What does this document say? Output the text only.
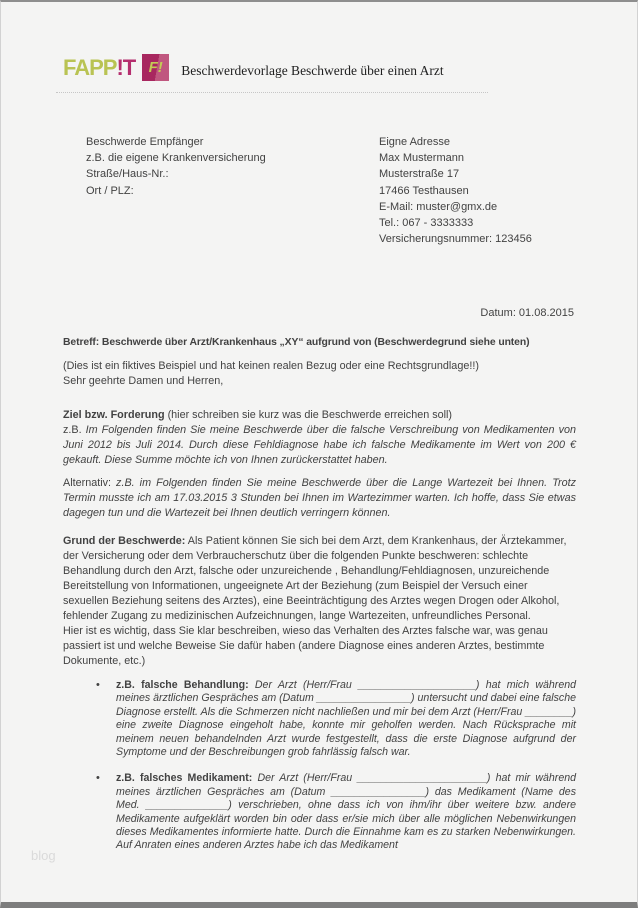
FAPP!T F!	Beschwerdevorlage Beschwerde über einen Arzt
Beschwerde Empfänger
z.B. die eigene Krankenversicherung
Straße/Haus-Nr.:
Ort / PLZ:
Eigne Adresse
Max Mustermann
Musterstraße 17
17466 Testhausen
E-Mail: muster@gmx.de
Tel.: 067 - 3333333
Versicherungsnummer: 123456
Datum: 01.08.2015
Betreff: Beschwerde über Arzt/Krankenhaus „XY“ aufgrund von (Beschwerdegrund siehe unten)
(Dies ist ein fiktives Beispiel und hat keinen realen Bezug oder eine Rechtsgrundlage!!)
Sehr geehrte Damen und Herren,
Ziel bzw. Forderung (hier schreiben sie kurz was die Beschwerde erreichen soll)
z.B. Im Folgenden finden Sie meine Beschwerde über die falsche Verschreibung von Medikamenten von Juni 2012 bis Juli 2014. Durch diese Fehldiagnose habe ich falsche Medikamente im Wert von 200 € gekauft. Diese Summe möchte ich von Ihnen zurückerstattet haben.
Alternativ: z.B. im Folgenden finden Sie meine Beschwerde über die Lange Wartezeit bei Ihnen. Trotz Termin musste ich am 17.03.2015 3 Stunden bei Ihnen im Wartezimmer warten. Ich hoffe, dass Sie etwas dagegen tun und die Wartezeit bei Ihnen deutlich verringern können.
Grund der Beschwerde: Als Patient können Sie sich bei dem Arzt, dem Krankenhaus, der Ärztekammer, der Versicherung oder dem Verbraucherschutz über die folgenden Punkte beschweren: schlechte Behandlung durch den Arzt, falsche oder unzureichende , Behandlung/Fehldiagnosen, unzureichende Bereitstellung von Informationen, ungeeignete Art der Beziehung (zum Beispiel der Versuch einer sexuellen Beziehung seitens des Arztes), eine Beeinträchtigung des Arztes wegen Drogen oder Alkohol, fehlender Zugang zu medizinischen Aufzeichnungen, lange Wartezeiten, unfreundliches Personal.
Hier ist es wichtig, dass Sie klar beschreiben, wieso das Verhalten des Arztes falsche war, was genau passiert ist und welche Beweise Sie dafür haben (andere Diagnose eines anderen Arztes, bestimmte Dokumente, etc.)
•	z.B. falsche Behandlung: Der Arzt (Herr/Frau ____________________) hat mich während meines ärztlichen Gespräches am (Datum ________________) untersucht und dabei eine falsche Diagnose erstellt. Als die Schmerzen nicht nachließen und mir bei dem Arzt (Herr/Frau ________) eine zweite Diagnose eingeholt habe, konnte mir geholfen werden. Nach Rücksprache mit meinem neuen behandelnden Arzt wurde festgestellt, dass die erste Diagnose aufgrund der Symptome und der Beschreibungen grob fahrlässig falsch war.
•	z.B. falsches Medikament: Der Arzt (Herr/Frau ______________________) hat mir während meines ärztlichen Gespräches am (Datum ________________) das Medikament (Name des Med. ______________) verschrieben, ohne dass ich von ihm/ihr über weitere bzw. andere Medikamente aufgeklärt worden bin oder dass er/sie mich über alle möglichen Nebenwirkungen dieses Medikamentes informierte hatte. Durch die Einnahme kam es zu starken Nebenwirkungen. Auf Anraten eines anderen Arztes habe ich das Medikament
blog
